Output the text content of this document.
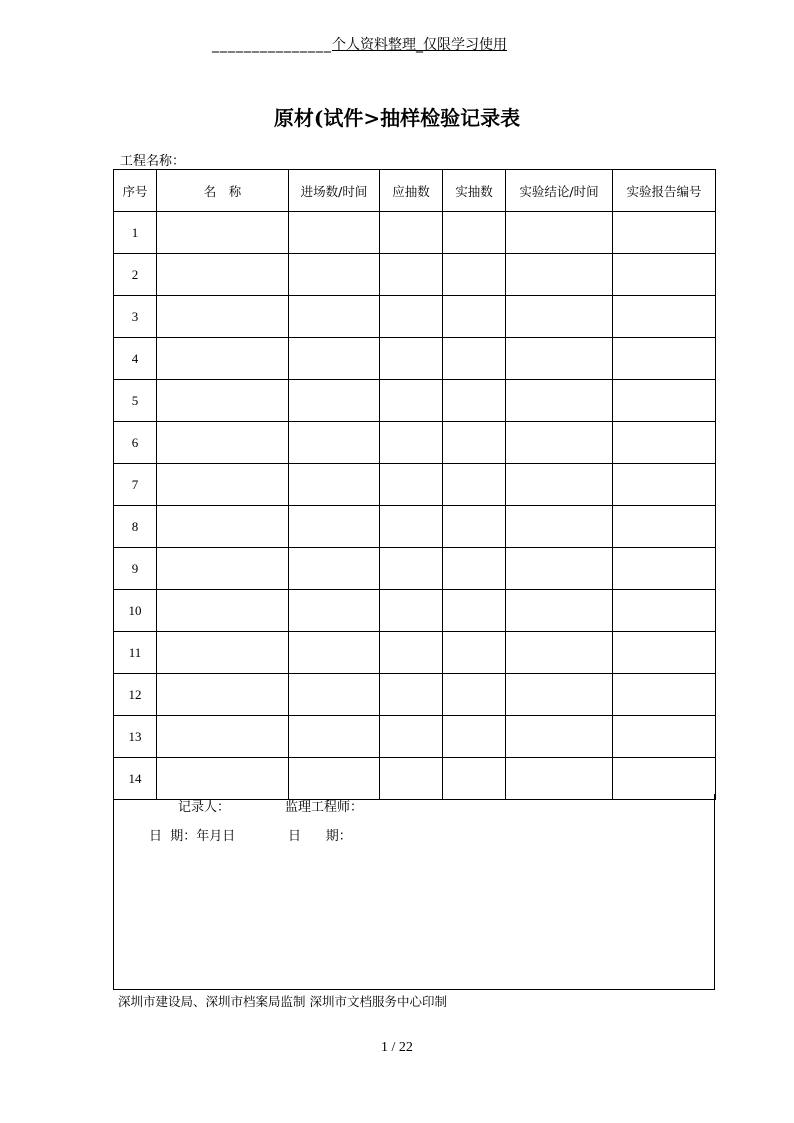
_______________个人资料整理_仅限学习使用
原材(试件>抽样检验记录表
工程名称：
序号	名　称	进场数/时间	应抽数	实抽数	实验结论/时间	实验报告编号
1						
2						
3						
4						
5						
6						
7						
8						
9						
10						
11						
12						
13						
14						
记录人：	监理工程师：
日  期：年月日	日      期：
深圳市建设局、深圳市档案局监制 深圳市文档服务中心印制
1 / 22
